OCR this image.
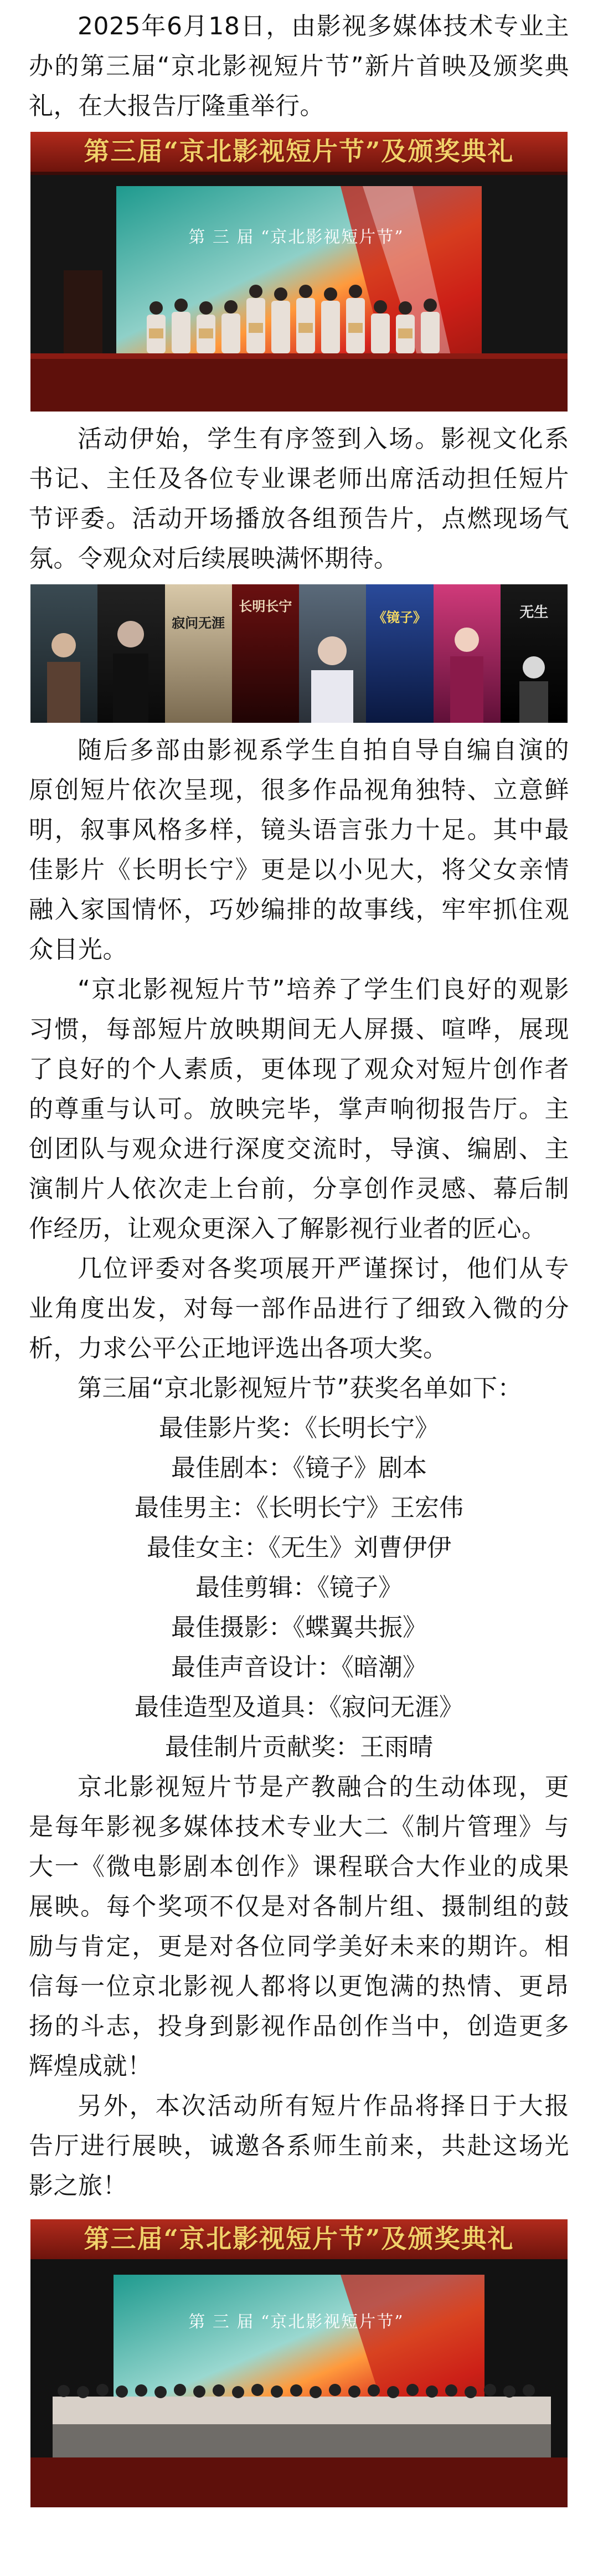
2025年6月18日，由影视多媒体技术专业主办的第三届“京北影视短片节”新片首映及颁奖典礼，在大报告厅隆重举行。

第三届“京北影视短片节”及颁奖典礼
第 三 届 “京北影视短片节”

活动伊始，学生有序签到入场。影视文化系书记、主任及各位专业课老师出席活动担任短片节评委。活动开场播放各组预告片，点燃现场气氛。令观众对后续展映满怀期待。

寂问无涯
长明长宁
《镜子》	无生

随后多部由影视系学生自拍自导自编自演的原创短片依次呈现，很多作品视角独特、立意鲜明，叙事风格多样，镜头语言张力十足。其中最佳影片《长明长宁》更是以小见大，将父女亲情融入家国情怀，巧妙编排的故事线，牢牢抓住观众目光。

“京北影视短片节”培养了学生们良好的观影习惯，每部短片放映期间无人屏摄、喧哗，展现了良好的个人素质，更体现了观众对短片创作者的尊重与认可。放映完毕，掌声响彻报告厅。主创团队与观众进行深度交流时，导演、编剧、主演制片人依次走上台前，分享创作灵感、幕后制作经历，让观众更深入了解影视行业者的匠心。

几位评委对各奖项展开严谨探讨，他们从专业角度出发，对每一部作品进行了细致入微的分析，力求公平公正地评选出各项大奖。

第三届“京北影视短片节”获奖名单如下：

最佳影片奖：《长明长宁》

最佳剧本：《镜子》剧本

最佳男主：《长明长宁》王宏伟

最佳女主：《无生》刘曹伊伊

最佳剪辑：《镜子》

最佳摄影：《蝶翼共振》

最佳声音设计：《暗潮》

最佳造型及道具：《寂问无涯》

最佳制片贡献奖：王雨晴

京北影视短片节是产教融合的生动体现，更是每年影视多媒体技术专业大二《制片管理》与大一《微电影剧本创作》课程联合大作业的成果展映。每个奖项不仅是对各制片组、摄制组的鼓励与肯定，更是对各位同学美好未来的期许。相信每一位京北影视人都将以更饱满的热情、更昂扬的斗志，投身到影视作品创作当中，创造更多辉煌成就！

另外，本次活动所有短片作品将择日于大报告厅进行展映，诚邀各系师生前来，共赴这场光影之旅！

第三届“京北影视短片节”及颁奖典礼
第 三 届 “京北影视短片节”
